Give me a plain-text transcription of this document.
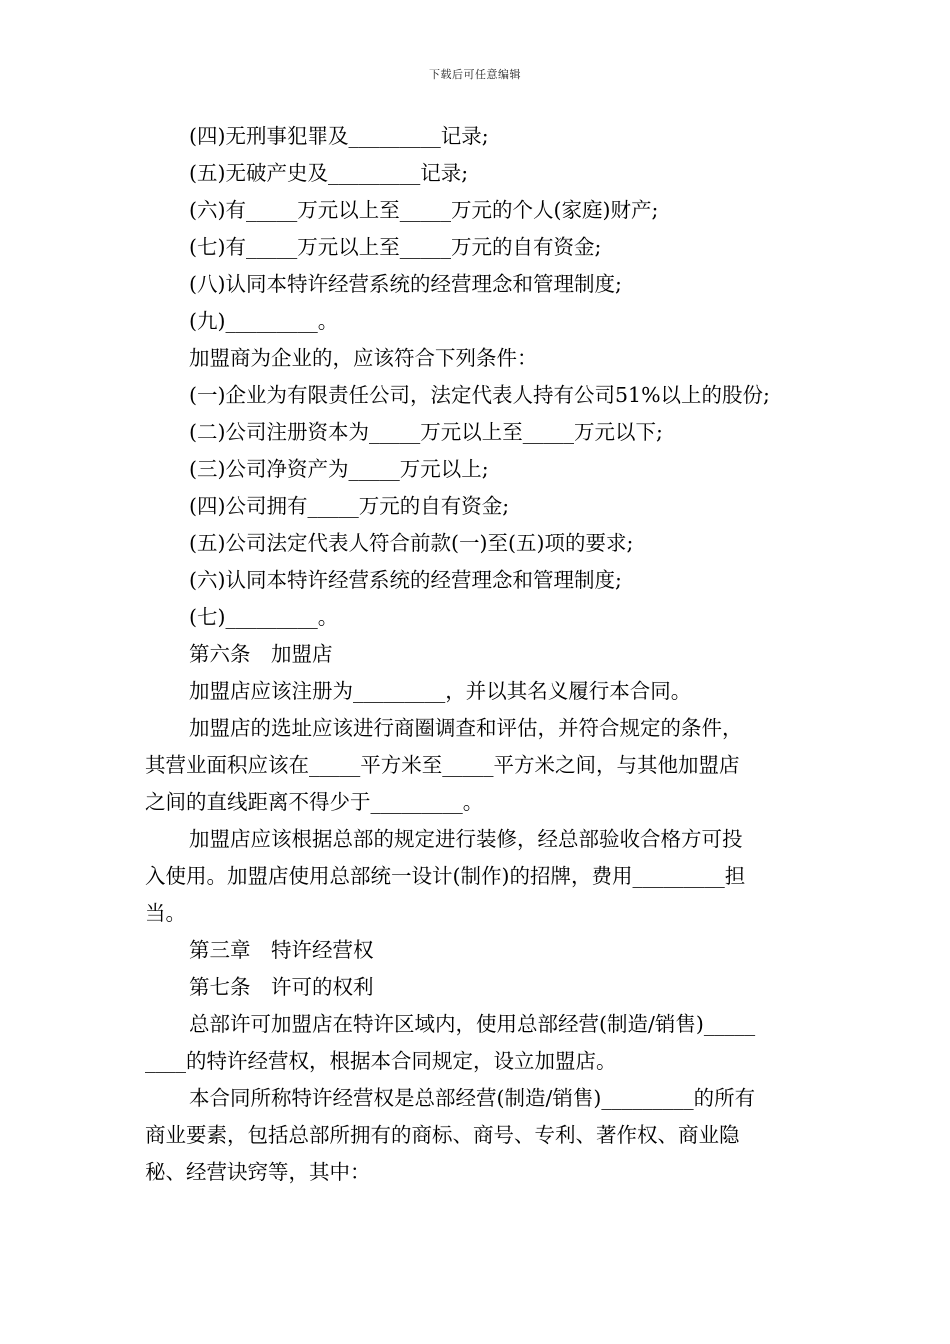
下载后可任意编辑

(四)无刑事犯罪及_________记录;

(五)无破产史及_________记录;

(六)有_____万元以上至_____万元的个人(家庭)财产;

(七)有_____万元以上至_____万元的自有资金;

(八)认同本特许经营系统的经营理念和管理制度;

(九)_________。

加盟商为企业的，应该符合下列条件：

(一)企业为有限责任公司，法定代表人持有公司51%以上的股份;

(二)公司注册资本为_____万元以上至_____万元以下;

(三)公司净资产为_____万元以上;

(四)公司拥有_____万元的自有资金;

(五)公司法定代表人符合前款(一)至(五)项的要求;

(六)认同本特许经营系统的经营理念和管理制度;

(七)_________。

第六条　加盟店

加盟店应该注册为_________，并以其名义履行本合同。

加盟店的选址应该进行商圈调查和评估，并符合规定的条件，
其营业面积应该在_____平方米至_____平方米之间，与其他加盟店
之间的直线距离不得少于_________。

加盟店应该根据总部的规定进行装修，经总部验收合格方可投
入使用。加盟店使用总部统一设计(制作)的招牌，费用_________担
当。

第三章　特许经营权

第七条　许可的权利

总部许可加盟店在特许区域内，使用总部经营(制造/销售)_____
____的特许经营权，根据本合同规定，设立加盟店。

本合同所称特许经营权是总部经营(制造/销售)_________的所有
商业要素，包括总部所拥有的商标、商号、专利、著作权、商业隐
秘、经营诀窍等，其中：
